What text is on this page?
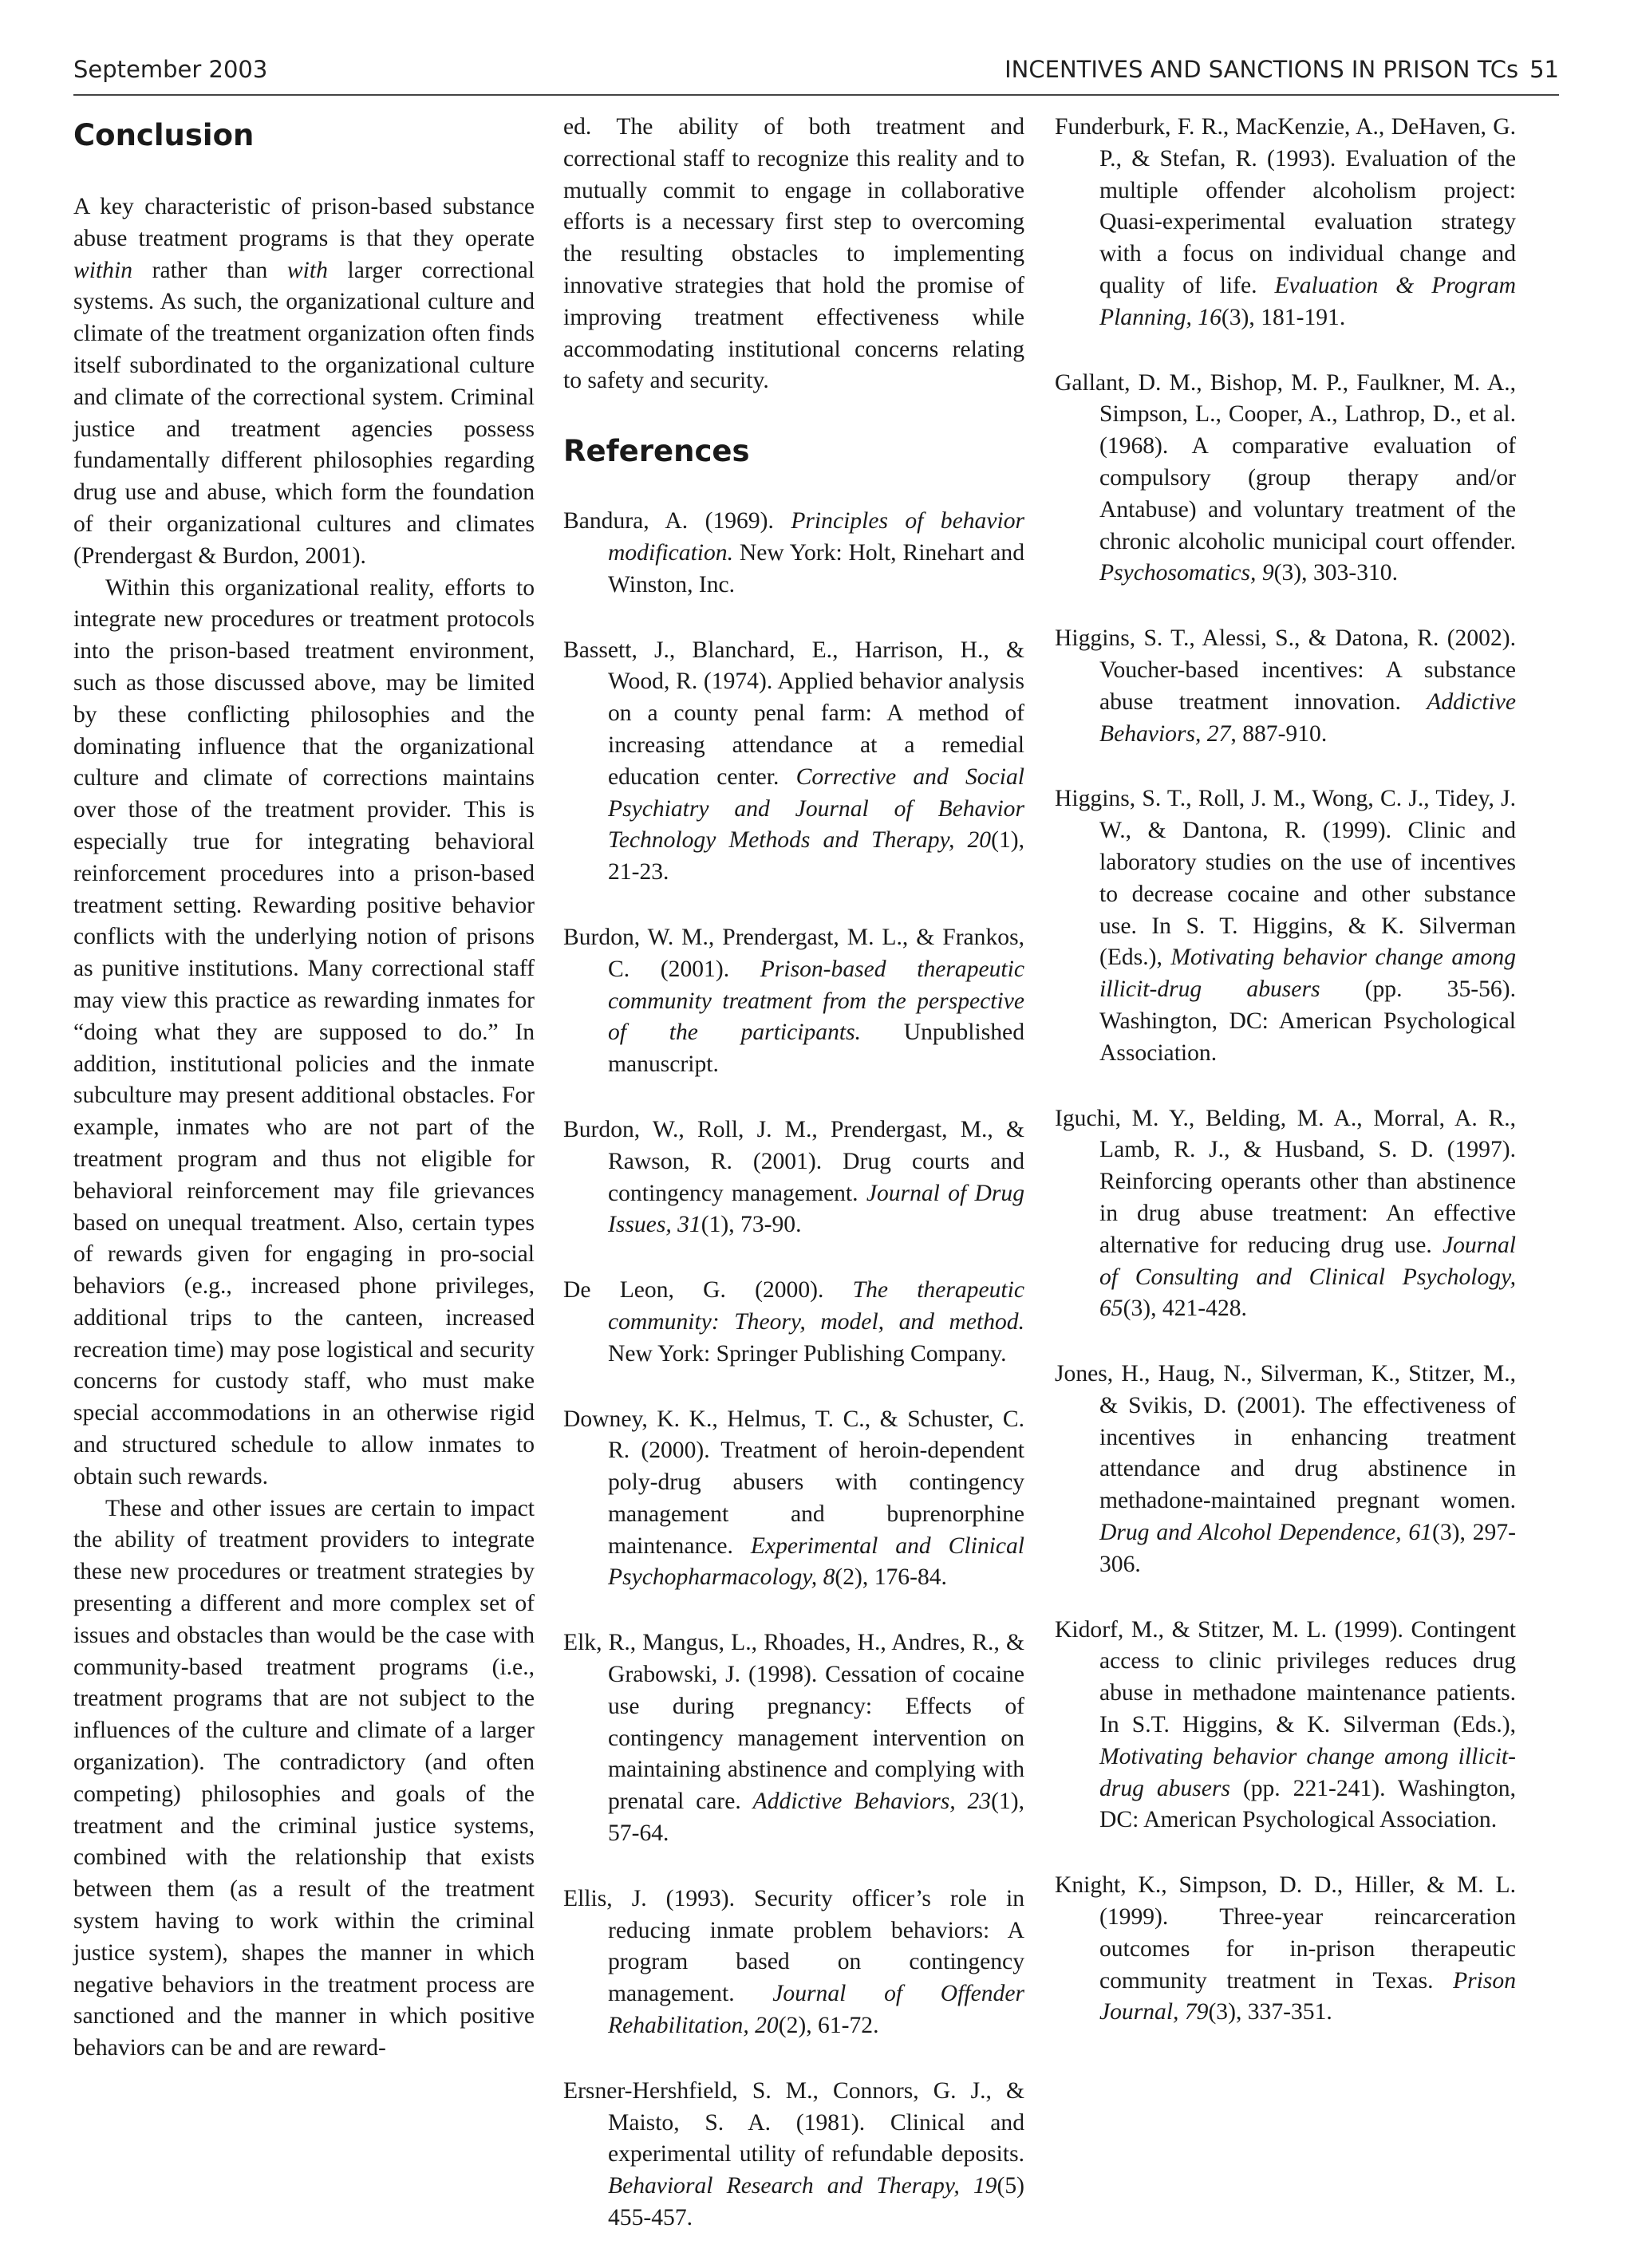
September 2003	INCENTIVES AND SANCTIONS IN PRISON TCs 51
Conclusion

A key characteristic of prison-based substance abuse treatment programs is that they operate within rather than with larger correctional systems. As such, the organizational culture and climate of the treatment organization often finds itself subordinated to the organizational culture and climate of the correctional system. Criminal justice and treatment agencies possess fundamentally different philosophies regarding drug use and abuse, which form the foundation of their organizational cultures and climates (Prendergast & Burdon, 2001).

Within this organizational reality, efforts to integrate new procedures or treatment protocols into the prison-based treatment environment, such as those discussed above, may be limited by these conflicting philosophies and the dominating influence that the organizational culture and climate of corrections maintains over those of the treatment provider. This is especially true for integrating behavioral reinforcement procedures into a prison-based treatment setting. Rewarding positive behavior conflicts with the underlying notion of prisons as punitive institutions. Many correctional staff may view this practice as rewarding inmates for “doing what they are supposed to do.” In addition, institutional policies and the inmate subculture may present additional obstacles. For example, inmates who are not part of the treatment program and thus not eligible for behavioral reinforcement may file grievances based on unequal treatment. Also, certain types of rewards given for engaging in pro-social behaviors (e.g., increased phone privileges, additional trips to the canteen, increased recreation time) may pose logistical and security concerns for custody staff, who must make special accommodations in an otherwise rigid and structured schedule to allow inmates to obtain such rewards.

These and other issues are certain to impact the ability of treatment providers to integrate these new procedures or treatment strategies by presenting a different and more complex set of issues and obstacles than would be the case with community-based treatment programs (i.e., treatment programs that are not subject to the influences of the culture and climate of a larger organization). The contradictory (and often competing) philosophies and goals of the treatment and the criminal justice systems, combined with the relationship that exists between them (as a result of the treatment system having to work within the criminal justice system), shapes the manner in which negative behaviors in the treatment process are sanctioned and the manner in which positive behaviors can be and are reward-

ed. The ability of both treatment and correctional staff to recognize this reality and to mutually commit to engage in collaborative efforts is a necessary first step to overcoming the resulting obstacles to implementing innovative strategies that hold the promise of improving treatment effectiveness while accommodating institutional concerns relating to safety and security.

References

Bandura, A. (1969). Principles of behavior modification. New York: Holt, Rinehart and Winston, Inc.

Bassett, J., Blanchard, E., Harrison, H., & Wood, R. (1974). Applied behavior analysis on a county penal farm: A method of increasing attendance at a remedial education center. Corrective and Social Psychiatry and Journal of Behavior Technology Methods and Therapy, 20(1), 21-23.

Burdon, W. M., Prendergast, M. L., & Frankos, C. (2001). Prison-based therapeutic community treatment from the perspective of the participants. Unpublished manuscript.

Burdon, W., Roll, J. M., Prendergast, M., & Rawson, R. (2001). Drug courts and contingency management. Journal of Drug Issues, 31(1), 73-90.

De Leon, G. (2000). The therapeutic community: Theory, model, and method. New York: Springer Publishing Company.

Downey, K. K., Helmus, T. C., & Schuster, C. R. (2000). Treatment of heroin-dependent poly-drug abusers with contingency management and buprenorphine maintenance. Experimental and Clinical Psychopharmacology, 8(2), 176-84.

Elk, R., Mangus, L., Rhoades, H., Andres, R., & Grabowski, J. (1998). Cessation of cocaine use during pregnancy: Effects of contingency management intervention on maintaining abstinence and complying with prenatal care. Addictive Behaviors, 23(1), 57-64.

Ellis, J. (1993). Security officer’s role in reducing inmate problem behaviors: A program based on contingency management. Journal of Offender Rehabilitation, 20(2), 61-72.

Ersner-Hershfield, S. M., Connors, G. J., & Maisto, S. A. (1981). Clinical and experimental utility of refundable deposits. Behavioral Research and Therapy, 19(5) 455-457.

Funderburk, F. R., MacKenzie, A., DeHaven, G. P., & Stefan, R. (1993). Evaluation of the multiple offender alcoholism project: Quasi-experimental evaluation strategy with a focus on individual change and quality of life. Evaluation & Program Planning, 16(3), 181-191.

Gallant, D. M., Bishop, M. P., Faulkner, M. A., Simpson, L., Cooper, A., Lathrop, D., et al. (1968). A comparative evaluation of compulsory (group therapy and/or Antabuse) and voluntary treatment of the chronic alcoholic municipal court offender. Psychosomatics, 9(3), 303-310.

Higgins, S. T., Alessi, S., & Datona, R. (2002). Voucher-based incentives: A substance abuse treatment innovation. Addictive Behaviors, 27, 887-910.

Higgins, S. T., Roll, J. M., Wong, C. J., Tidey, J. W., & Dantona, R. (1999). Clinic and laboratory studies on the use of incentives to decrease cocaine and other substance use. In S. T. Higgins, & K. Silverman (Eds.), Motivating behavior change among illicit-drug abusers (pp. 35-56). Washington, DC: American Psychological Association.

Iguchi, M. Y., Belding, M. A., Morral, A. R., Lamb, R. J., & Husband, S. D. (1997). Reinforcing operants other than abstinence in drug abuse treatment: An effective alternative for reducing drug use. Journal of Consulting and Clinical Psychology, 65(3), 421-428.

Jones, H., Haug, N., Silverman, K., Stitzer, M., & Svikis, D. (2001). The effectiveness of incentives in enhancing treatment attendance and drug abstinence in methadone-maintained pregnant women. Drug and Alcohol Dependence, 61(3), 297-306.

Kidorf, M., & Stitzer, M. L. (1999). Contingent access to clinic privileges reduces drug abuse in methadone maintenance patients. In S.T. Higgins, & K. Silverman (Eds.), Motivating behavior change among illicit-drug abusers (pp. 221-241). Washington, DC: American Psychological Association.

Knight, K., Simpson, D. D., Hiller, & M. L. (1999). Three-year reincarceration outcomes for in-prison therapeutic community treatment in Texas. Prison Journal, 79(3), 337-351.
